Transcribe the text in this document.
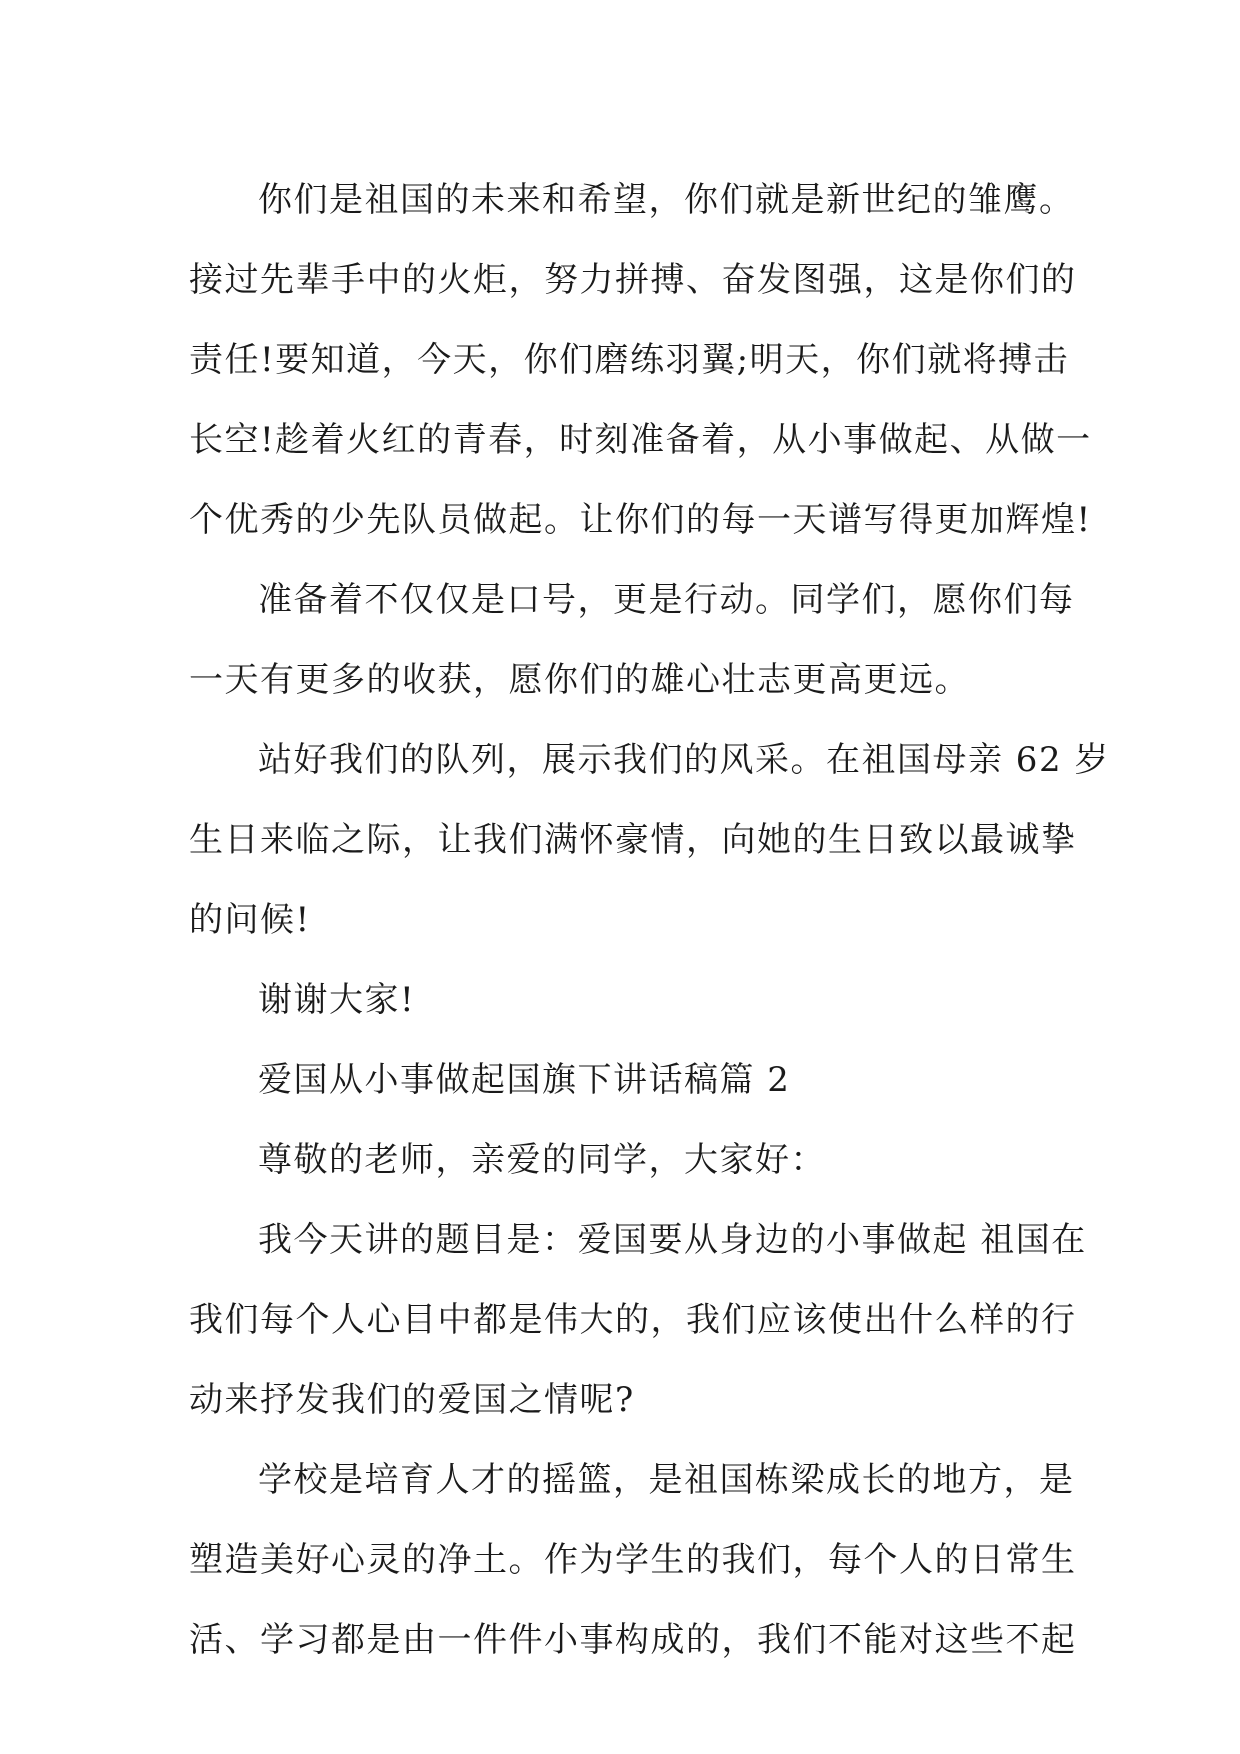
你们是祖国的未来和希望，你们就是新世纪的雏鹰。
接过先辈手中的火炬，努力拼搏、奋发图强，这是你们的
责任!要知道，今天，你们磨练羽翼;明天，你们就将搏击
长空!趁着火红的青春，时刻准备着，从小事做起、从做一
个优秀的少先队员做起。让你们的每一天谱写得更加辉煌!
准备着不仅仅是口号，更是行动。同学们，愿你们每
一天有更多的收获，愿你们的雄心壮志更高更远。
站好我们的队列，展示我们的风采。在祖国母亲 62 岁
生日来临之际，让我们满怀豪情，向她的生日致以最诚挚
的问候!
谢谢大家!
爱国从小事做起国旗下讲话稿篇 2
尊敬的老师，亲爱的同学，大家好：
我今天讲的题目是：爱国要从身边的小事做起 祖国在
我们每个人心目中都是伟大的，我们应该使出什么样的行
动来抒发我们的爱国之情呢?
学校是培育人才的摇篮，是祖国栋梁成长的地方，是
塑造美好心灵的净土。作为学生的我们，每个人的日常生
活、学习都是由一件件小事构成的，我们不能对这些不起
